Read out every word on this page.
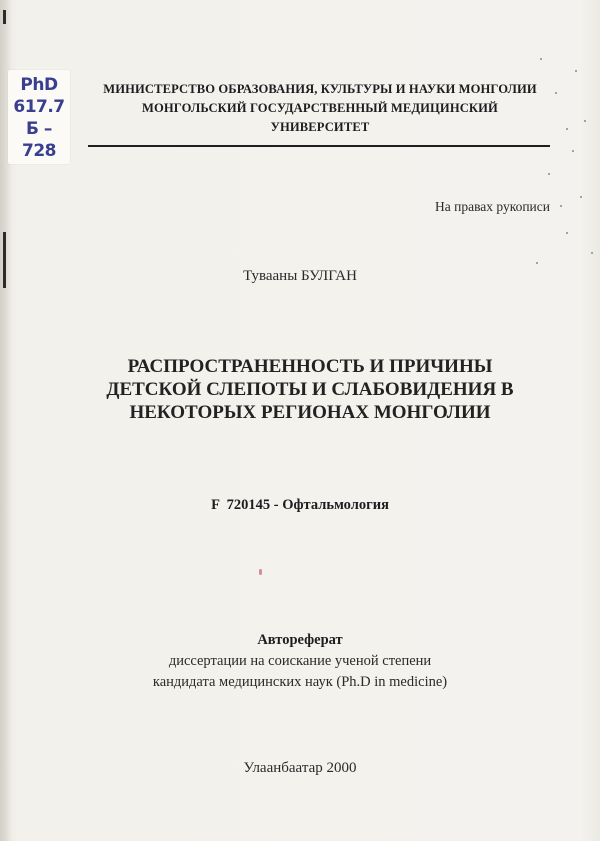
PhD
617.7
Б – 728
МИНИСТЕРСТВО ОБРАЗОВАНИЯ, КУЛЬТУРЫ И НАУКИ МОНГОЛИИ
МОНГОЛЬСКИЙ ГОСУДАРСТВЕННЫЙ МЕДИЦИНСКИЙ
УНИВЕРСИТЕТ
На правах рукописи
Тувааны БУЛГАН
РАСПРОСТРАНЕННОСТЬ И ПРИЧИНЫ
ДЕТСКОЙ СЛЕПОТЫ И СЛАБОВИДЕНИЯ В
НЕКОТОРЫХ РЕГИОНАХ МОНГОЛИИ
F  720145 - Офтальмология
Автореферат
диссертации на соискание ученой степени
кандидата медицинских наук (Ph.D in medicine)
Улаанбаатар 2000
